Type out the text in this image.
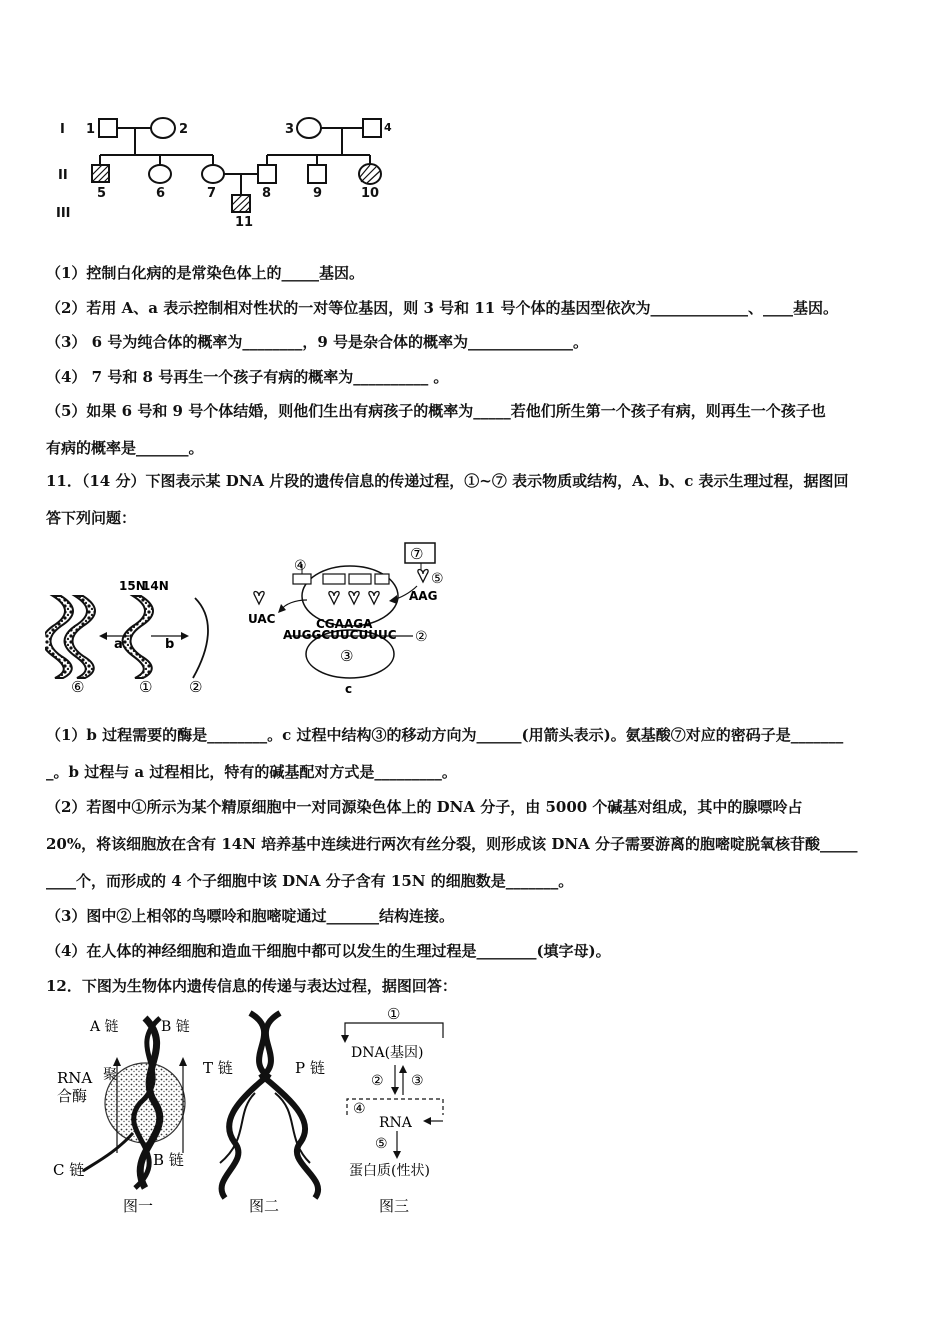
I
II
III
1	2	3	4
5	6	7	8	9	10
11
（1）控制白化病的是常染色体上的_____基因。
（2）若用 A、a 表示控制相对性状的一对等位基因，则 3 号和 11 号个体的基因型依次为_____________、____基因。
（3） 6 号为纯合体的概率为________，9 号是杂合体的概率为______________。
（4） 7 号和 8 号再生一个孩子有病的概率为__________ 。
（5）如果 6 号和 9 号个体结婚，则他们生出有病孩子的概率为_____若他们所生第一个孩子有病，则再生一个孩子也
有病的概率是_______。
11．（14 分）下图表示某 DNA 片段的遗传信息的传递过程，①~⑦ 表示物质或结构，A、b、c 表示生理过程，据图回
答下列问题：
a	b
15N
14N
⑥	① ②
⑦
④
⑤
UAC
AAG
CGAAGA
AUGGCUUCUUUC ②
③
c
（1）b 过程需要的酶是________。c 过程中结构③的移动方向为______(用箭头表示)。氨基酸⑦对应的密码子是_______
_。b 过程与 a 过程相比，特有的碱基配对方式是_________。
（2）若图中①所示为某个精原细胞中一对同源染色体上的 DNA 分子，由 5000 个碱基对组成，其中的腺嘌呤占
20%，将该细胞放在含有 14N 培养基中连续进行两次有丝分裂，则形成该 DNA 分子需要游离的胞嘧啶脱氧核苷酸_____
____个，而形成的 4 个子细胞中该 DNA 分子含有 15N 的细胞数是_______。
（3）图中②上相邻的鸟嘌呤和胞嘧啶通过_______结构连接。
（4）在人体的神经细胞和造血干细胞中都可以发生的生理过程是________(填字母)。
12．下图为生物体内遗传信息的传递与表达过程，据图回答：
A 链	B 链
RNA 聚
合酶
C 链
B 链
图一
T 链	P 链
图二
①
DNA(基因)
② ③
④
RNA
⑤
蛋白质(性状)
图三
